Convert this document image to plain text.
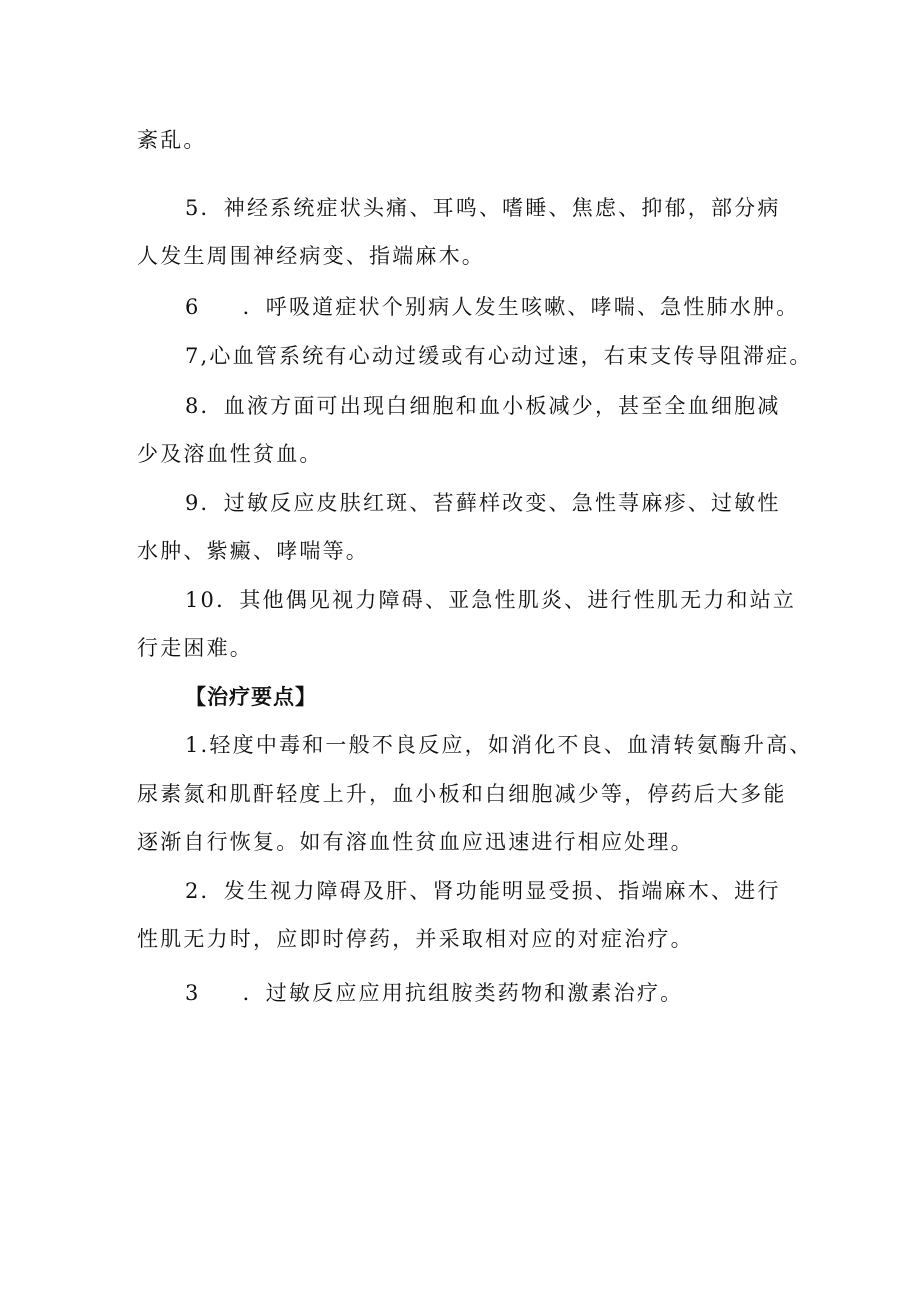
紊乱。
5．神经系统症状头痛、耳鸣、嗜睡、焦虑、抑郁，部分病
人发生周围神经病变、指端麻木。
6 ．呼吸道症状个别病人发生咳嗽、哮喘、急性肺水肿。
7,心血管系统有心动过缓或有心动过速，右束支传导阻滞症。
8．血液方面可出现白细胞和血小板减少，甚至全血细胞减
少及溶血性贫血。
9．过敏反应皮肤红斑、苔藓样改变、急性荨麻疹、过敏性
水肿、紫癜、哮喘等。
10．其他偶见视力障碍、亚急性肌炎、进行性肌无力和站立
行走困难。
【治疗要点】
1.轻度中毒和一般不良反应，如消化不良、血清转氨酶升高、
尿素氮和肌酐轻度上升，血小板和白细胞减少等，停药后大多能
逐渐自行恢复。如有溶血性贫血应迅速进行相应处理。
2．发生视力障碍及肝、肾功能明显受损、指端麻木、进行
性肌无力时，应即时停药，并采取相对应的对症治疗。
3 ．过敏反应应用抗组胺类药物和激素治疗。
